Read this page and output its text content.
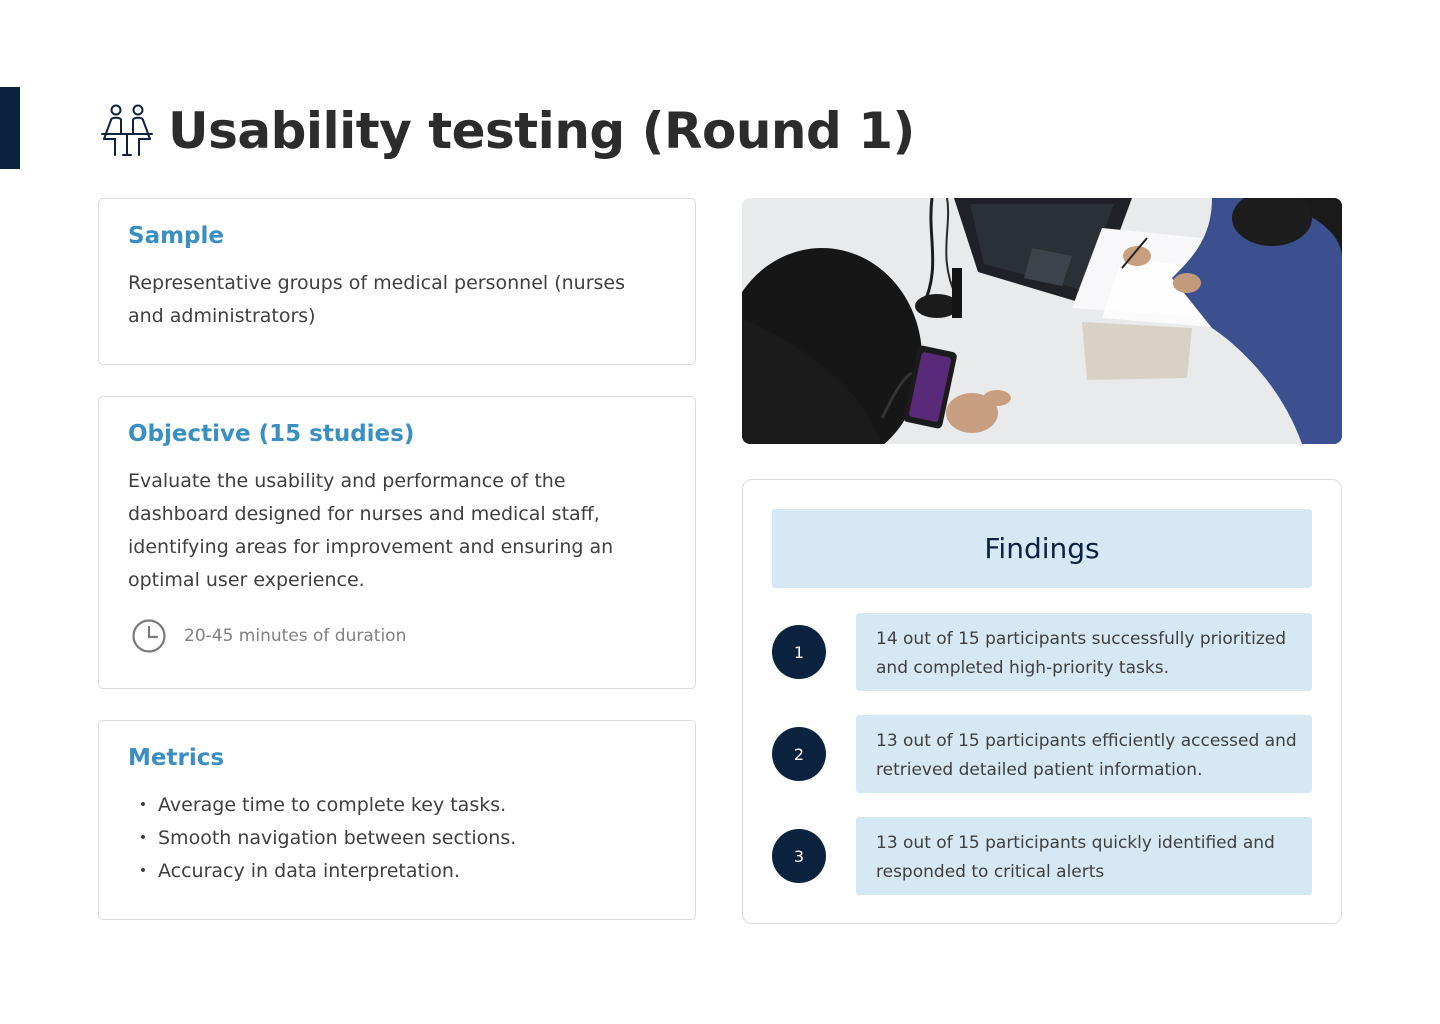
Usability testing (Round 1)
Sample

Representative groups of medical personnel (nurses and administrators)

Objective (15 studies)

Evaluate the usability and performance of the dashboard designed for nurses and medical staff, identifying areas for improvement and ensuring an optimal user experience.

20-45 minutes of duration
Metrics
• Average time to complete key tasks.
• Smooth navigation between sections.
• Accuracy in data interpretation.
Findings
1
14 out of 15 participants successfully prioritized and completed high-priority tasks.
2
13 out of 15 participants efficiently accessed and retrieved detailed patient information.
3
13 out of 15 participants quickly identified and responded to critical alerts
